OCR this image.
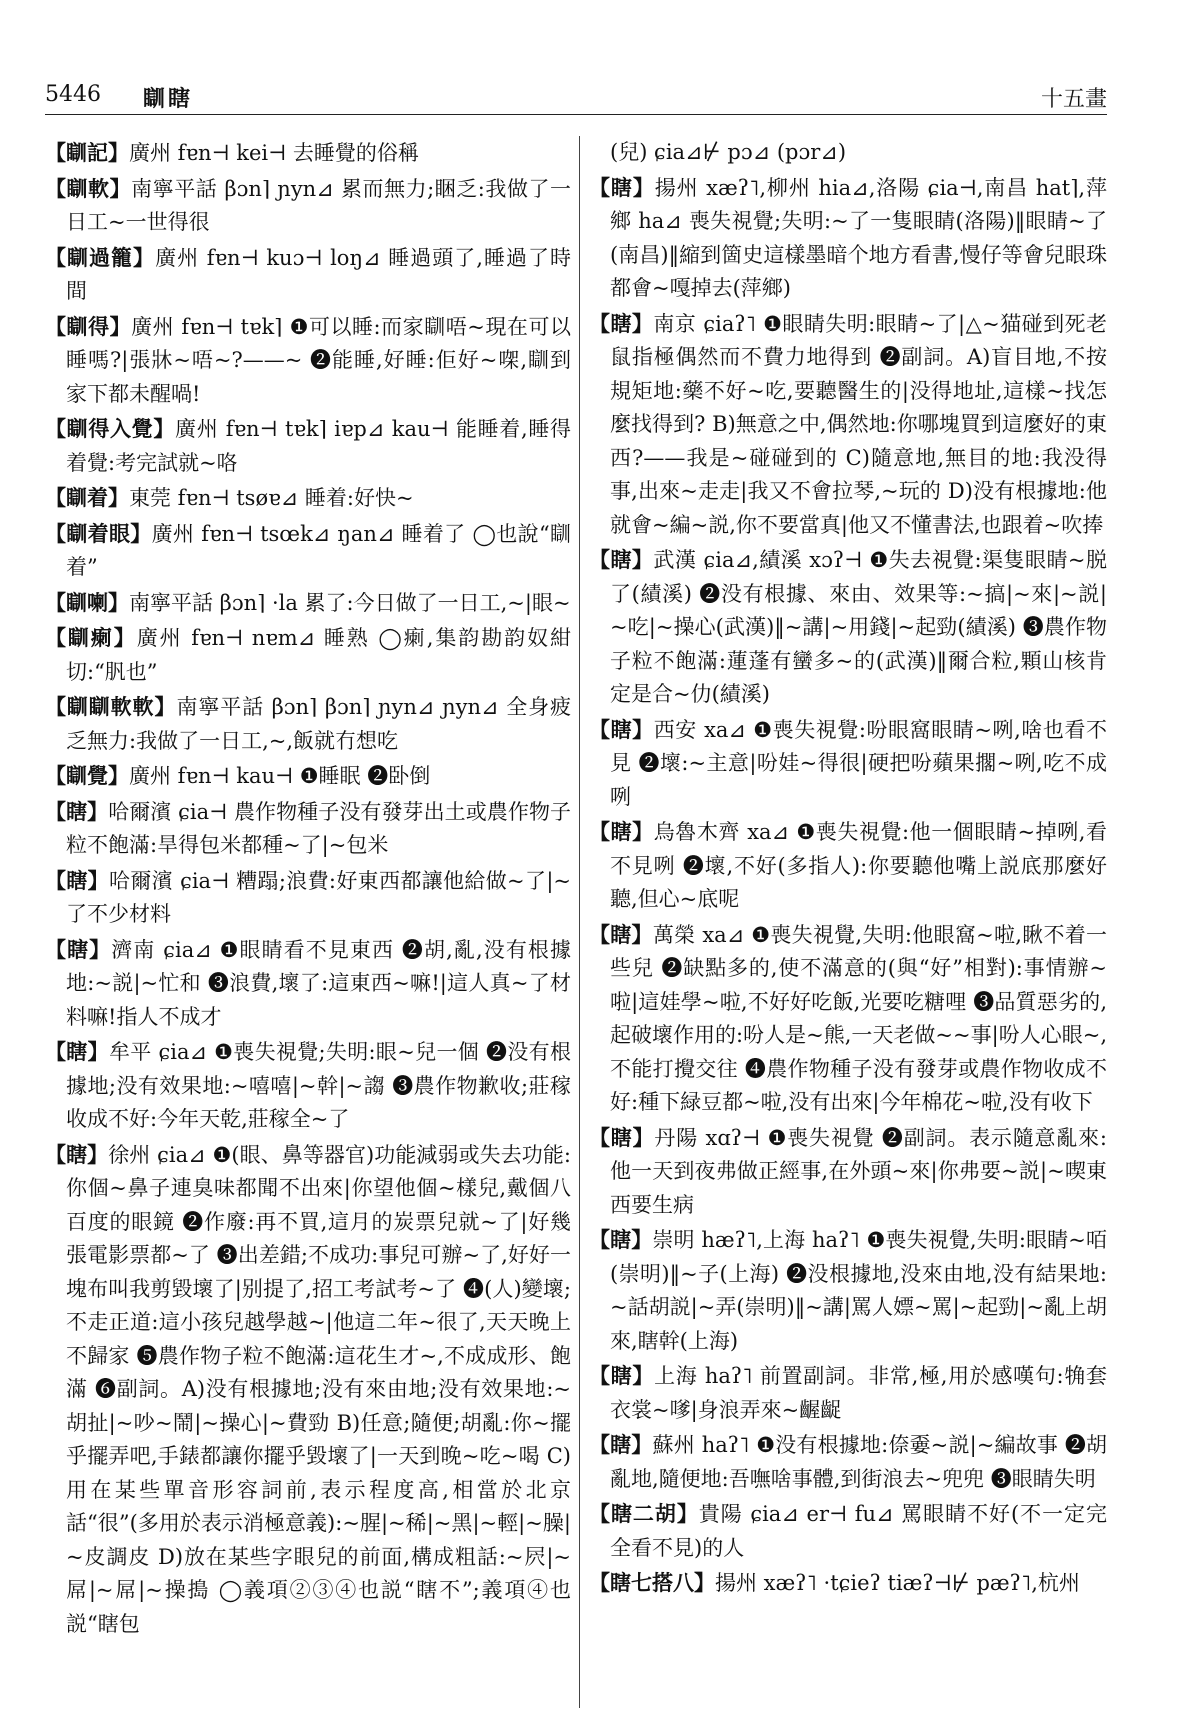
5446 瞓瞎	十五畫

【瞓記】廣州 fɐn⊣ kei⊣ 去睡覺的俗稱

【瞓軟】南寧平話 βɔn⌉ ɲyn⊿ 累而無力;睏乏:我做了一日工~一世得很

【瞓過籠】廣州 fɐn⊣ kuɔ⊣ loŋ⊿ 睡過頭了,睡過了時間

【瞓得】廣州 fɐn⊣ tɐk⌉ ❶可以睡:而家瞓唔~現在可以睡嗎?|張牀~唔~?——~ ❷能睡,好睡:佢好~㗎,瞓到家下都未醒喎!

【瞓得入覺】廣州 fɐn⊣ tɐk⌉ iɐp⊿ kau⊣ 能睡着,睡得着覺:考完試就~咯

【瞓着】東莞 fɐn⊣ tsøɐ⊿ 睡着:好快~

【瞓着眼】廣州 fɐn⊣ tsœk⊿ ŋan⊿ 睡着了 ◯也說“瞓着”

【瞓喇】南寧平話 βɔn⌉ ·la 累了:今日做了一日工,~|眼~

【瞓𤷫】廣州 fɐn⊣ nɐm⊿ 睡熟 ◯𤷫,集韵勘韵奴紺切:“䏎也”

【瞓瞓軟軟】南寧平話 βɔn⌉ βɔn⌉ ɲyn⊿ ɲyn⊿ 全身疲乏無力:我做了一日工,~,飯就冇想吃

【瞓覺】廣州 fɐn⊣ kau⊣ ❶睡眠 ❷卧倒

【瞎】哈爾濱 ɕia⊣ 農作物種子没有發芽出土或農作物子粒不飽滿:旱得包米都種~了|~包米

【瞎】哈爾濱 ɕia⊣ 糟蹋;浪費:好東西都讓他給做~了|~了不少材料

【瞎】濟南 ɕia⊿ ❶眼睛看不見東西 ❷胡,亂,没有根據地:~説|~忙和 ❸浪費,壞了:這東西~嘛!|這人真~了材料嘛!指人不成才

【瞎】牟平 ɕia⊿ ❶喪失視覺;失明:眼~兒一個 ❷没有根據地;没有效果地:~嘻嘻|~幹|~謅 ❸農作物歉收;莊稼收成不好:今年天乾,莊稼全~了

【瞎】徐州 ɕia⊿ ❶(眼、鼻等器官)功能減弱或失去功能:你個~鼻子連臭味都聞不出來|你望他個~樣兒,戴個八百度的眼鏡 ❷作廢:再不買,這月的炭票兒就~了|好幾張電影票都~了 ❸出差錯;不成功:事兒可辦~了,好好一塊布叫我剪毀壞了|别提了,招工考試考~了 ❹(人)變壞;不走正道:這小孩兒越學越~|他這二年~很了,天天晚上不歸家 ❺農作物子粒不飽滿:這花生才~,不成成形、飽滿 ❻副詞。A)没有根據地;没有來由地;没有效果地:~胡扯|~吵~鬧|~操心|~費勁 B)任意;隨便;胡亂:你~擺乎擺弄吧,手錶都讓你擺乎毀壞了|一天到晚~吃~喝 C)用在某些單音形容詞前,表示程度高,相當於北京話“很”(多用於表示消極意義):~腥|~稀|~黑|~輕|~臊|~皮調皮 D)放在某些字眼兒的前面,構成粗話:~屄|~屌|~屌|~操搗 ◯義項②③④也説“瞎不”;義項④也説“瞎包

(兒) ɕia⊿⊬ pɔ⊿ (pɔr⊿)

【瞎】揚州 xæʔ˥,柳州 hia⊿,洛陽 ɕia⊣,南昌 hat⌉,萍鄉 ha⊿ 喪失視覺;失明:~了一隻眼睛(洛陽)‖眼睛~了(南昌)‖縮到箇史這樣墨暗个地方看書,慢仔等會兒眼珠都會~嘎掉去(萍鄉)

【瞎】南京 ɕiaʔ˥ ❶眼睛失明:眼睛~了|△~猫碰到死老鼠指極偶然而不費力地得到 ❷副詞。A)盲目地,不按規矩地:藥不好~吃,要聽醫生的|没得地址,這樣~找怎麼找得到? B)無意之中,偶然地:你哪塊買到這麼好的東西?——我是~碰碰到的 C)隨意地,無目的地:我没得事,出來~走走|我又不會拉琴,~玩的 D)没有根據地:他就會~編~説,你不要當真|他又不懂書法,也跟着~吹捧

【瞎】武漢 ɕia⊿,績溪 xɔʔ⊣ ❶失去視覺:渠隻眼睛~脱了(績溪) ❷没有根據、來由、效果等:~搞|~來|~説|~吃|~操心(武漢)‖~講|~用錢|~起勁(績溪) ❸農作物子粒不飽滿:蓮蓬有蠻多~的(武漢)‖爾合粒,顆山核肯定是合~仂(績溪)

【瞎】西安 xa⊿ ❶喪失視覺:吩眼窩眼睛~咧,啥也看不見 ❷壞:~主意|吩娃~得很|硬把吩蘋果擱~咧,吃不成咧

【瞎】烏魯木齊 xa⊿ ❶喪失視覺:他一個眼睛~掉咧,看不見咧 ❷壞,不好(多指人):你要聽他嘴上説底那麼好聽,但心~底呢

【瞎】萬榮 xa⊿ ❶喪失視覺,失明:他眼窩~啦,瞅不着一些兒 ❷缺點多的,使不滿意的(與“好”相對):事情辦~啦|這娃學~啦,不好好吃飯,光要吃糖哩 ❸品質惡劣的,起破壞作用的:吩人是~熊,一天老做~~事|吩人心眼~,不能打攪交往 ❹農作物種子没有發芽或農作物收成不好:種下緑豆都~啦,没有出來|今年棉花~啦,没有收下

【瞎】丹陽 xɑʔ⊣ ❶喪失視覺 ❷副詞。表示隨意亂來:他一天到夜弗做正經事,在外頭~來|你弗要~説|~喫東西要生病

【瞎】崇明 hæʔ˥,上海 haʔ˥ ❶喪失視覺,失明:眼睛~咟(崇明)‖~子(上海) ❷没根據地,没來由地,没有結果地:~話胡説|~弄(崇明)‖~講|罵人嫖~罵|~起勁|~亂上胡來,瞎幹(上海)

【瞎】上海 haʔ˥ 前置副詞。非常,極,用於感嘆句:觕套衣裳~嗲|身浪弄來~齷齪

【瞎】蘇州 haʔ˥ ❶没有根據地:倷嫑~説|~編故事 ❷胡亂地,隨便地:吾嘸啥事體,到街浪去~兜兜 ❸眼睛失明

【瞎二胡】貴陽 ɕia⊿ er⊣ fu⊿ 罵眼睛不好(不一定完全看不見)的人

【瞎七搭八】揚州 xæʔ˥ ·tɕieʔ tiæʔ⊣⊬ pæʔ˥,杭州
